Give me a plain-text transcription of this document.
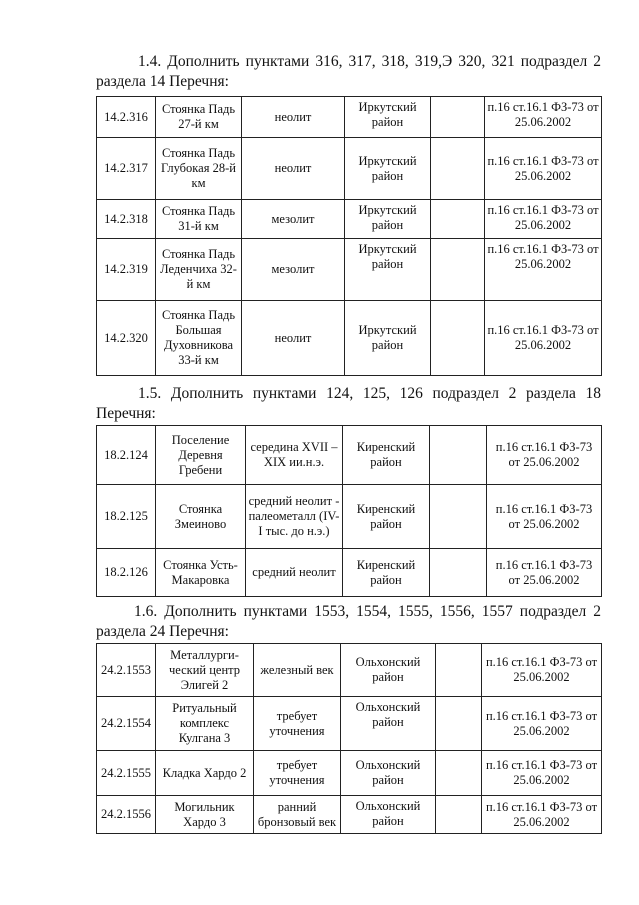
1.4. Дополнить пунктами 316, 317, 318, 319,Э 320, 321 подраздел 2
раздела 14 Перечня:
14.2.316	Стоянка Падь 27-й км	неолит	Иркутский район		п.16 ст.16.1 ФЗ-73 от 25.06.2002
14.2.317	Стоянка Падь Глубокая 28-й км	неолит	Иркутский район		п.16 ст.16.1 ФЗ-73 от 25.06.2002
14.2.318	Стоянка Падь 31-й км	мезолит	Иркутский район		п.16 ст.16.1 ФЗ-73 от 25.06.2002
14.2.319	Стоянка Падь Леденчиха 32-й км	мезолит	Иркутский район		п.16 ст.16.1 ФЗ-73 от 25.06.2002
14.2.320	Стоянка Падь Большая Духовникова 33-й км	неолит	Иркутский район		п.16 ст.16.1 ФЗ-73 от 25.06.2002
1.5. Дополнить пунктами 124, 125, 126 подраздел 2 раздела 18
Перечня:
18.2.124	Поселение Деревня Гребени	середина XVII – XIX ии.н.э.	Киренский район		п.16 ст.16.1 ФЗ-73 от 25.06.2002
18.2.125	Стоянка Змеиново	средний неолит - палеометалл (IV-I тыс. до н.э.)	Киренский район		п.16 ст.16.1 ФЗ-73 от 25.06.2002
18.2.126	Стоянка Усть-Макаровка	средний неолит	Киренский район		п.16 ст.16.1 ФЗ-73 от 25.06.2002
1.6. Дополнить пунктами 1553, 1554, 1555, 1556, 1557 подраздел 2
раздела 24 Перечня:
24.2.1553	Металлурги-ческий центр Элигей 2	железный век	Ольхонский район		п.16 ст.16.1 ФЗ-73 от 25.06.2002
24.2.1554	Ритуальный комплекс Кулгана 3	требует уточнения	Ольхонский район		п.16 ст.16.1 ФЗ-73 от 25.06.2002
24.2.1555	Кладка Хардо 2	требует уточнения	Ольхонский район		п.16 ст.16.1 ФЗ-73 от 25.06.2002
24.2.1556	Могильник Хардо 3	ранний бронзовый век	Ольхонский район		п.16 ст.16.1 ФЗ-73 от 25.06.2002
